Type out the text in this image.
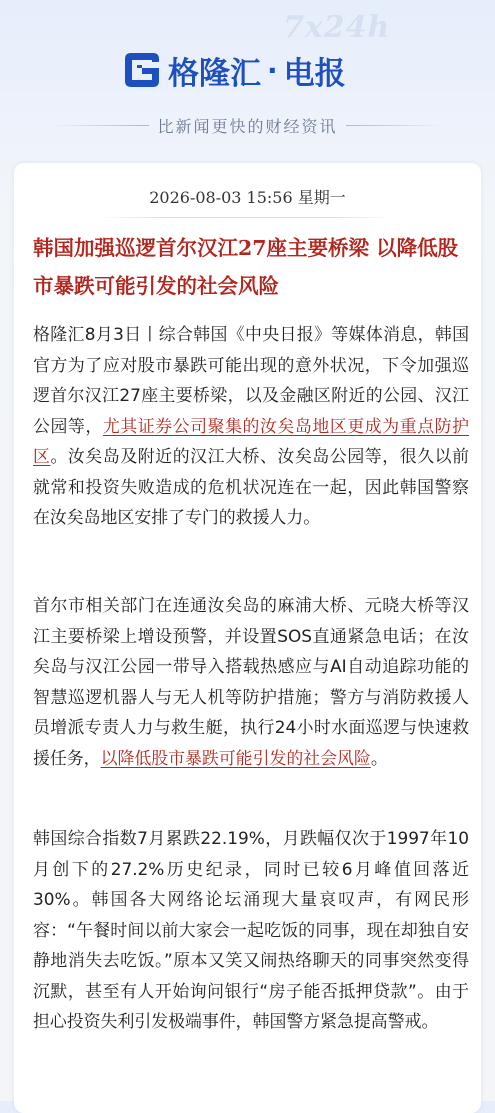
7x24h
格隆汇 · 电报
比新闻更快的财经资讯
2026-08-03 15:56 星期一
韩国加强巡逻首尔汉江27座主要桥梁 以降低股市暴跌可能引发的社会风险

格隆汇8月3日丨综合韩国《中央日报》等媒体消息，韩国官方为了应对股市暴跌可能出现的意外状况，下令加强巡逻首尔汉江27座主要桥梁，以及金融区附近的公园、汉江公园等，尤其证券公司聚集的汝矣岛地区更成为重点防护区。汝矣岛及附近的汉江大桥、汝矣岛公园等，很久以前就常和投资失败造成的危机状况连在一起，因此韩国警察在汝矣岛地区安排了专门的救援人力。

首尔市相关部门在连通汝矣岛的麻浦大桥、元晓大桥等汉江主要桥梁上增设预警，并设置SOS直通紧急电话；在汝矣岛与汉江公园一带导入搭载热感应与AI自动追踪功能的智慧巡逻机器人与无人机等防护措施；警方与消防救援人员增派专责人力与救生艇，执行24小时水面巡逻与快速救援任务，以降低股市暴跌可能引发的社会风险。

韩国综合指数7月累跌22.19%，月跌幅仅次于1997年10月创下的27.2%历史纪录，同时已较6月峰值回落近30%。韩国各大网络论坛涌现大量哀叹声，有网民形容：“午餐时间以前大家会一起吃饭的同事，现在却独自安静地消失去吃饭。”原本又笑又闹热络聊天的同事突然变得沉默，甚至有人开始询问银行“房子能否抵押贷款”。由于担心投资失利引发极端事件，韩国警方紧急提高警戒。
